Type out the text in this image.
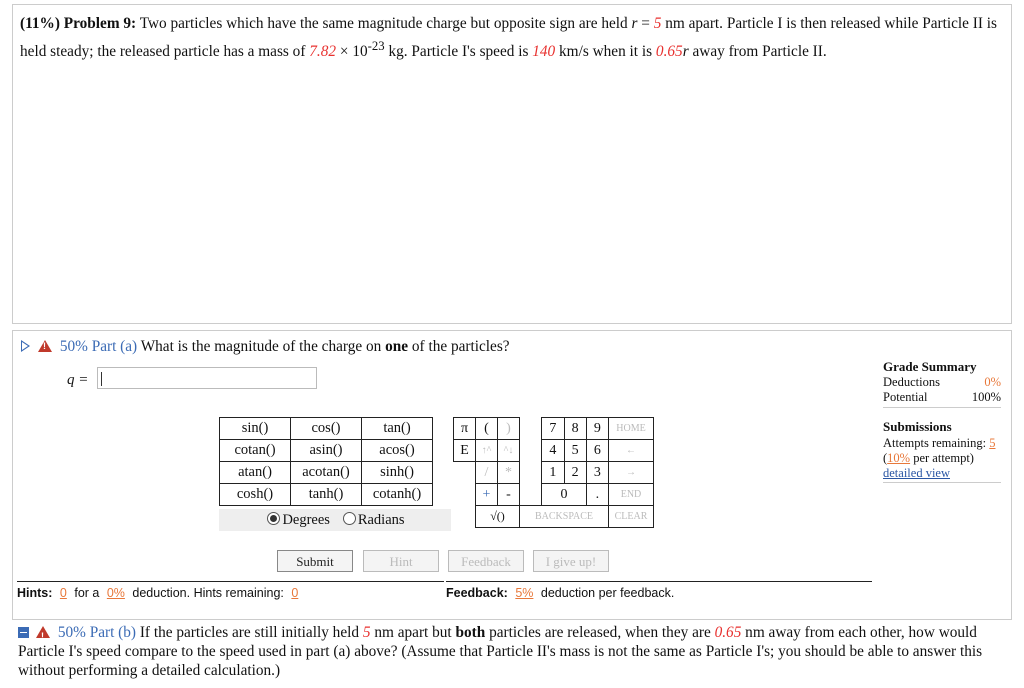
(11%) Problem 9: Two particles which have the same magnitude charge but opposite sign are held r = 5 nm apart. Particle I is then released while Particle II is held steady; the released particle has a mass of $7.82 \times 10^{-23}$ kg. Particle I's speed is 140 km/s when it is 0.65r away from Particle II.
! 50% Part (a) What is the magnitude of the charge on one of the particles?
q =
Grade Summary
Deductions	0%
Potential	100%
Submissions
Attempts remaining: 5
(10% per attempt)
detailed view
sin()	cos()	tan()
cotan()	asin()	acos()
atan()	acotan()	sinh()
cosh()	tanh()	cotanh()
Degrees Radians
π	(	)		7	8	9	HOME
E	↑^	^↓		4	5	6	←
	/	*		1	2	3	→
	+	-		0		.	END
	√()		BACKSPACE				CLEAR
Submit	Hint	Feedback	I give up!
Hints: 0 for a 0% deduction. Hints remaining: 0	Feedback: 5% deduction per feedback.
! 50% Part (b) If the particles are still initially held 5 nm apart but both particles are released, when they are 0.65 nm away from each other, how would Particle I's speed compare to the speed used in part (a) above? (Assume that Particle II's mass is not the same as Particle I's; you should be able to answer this without performing a detailed calculation.)
